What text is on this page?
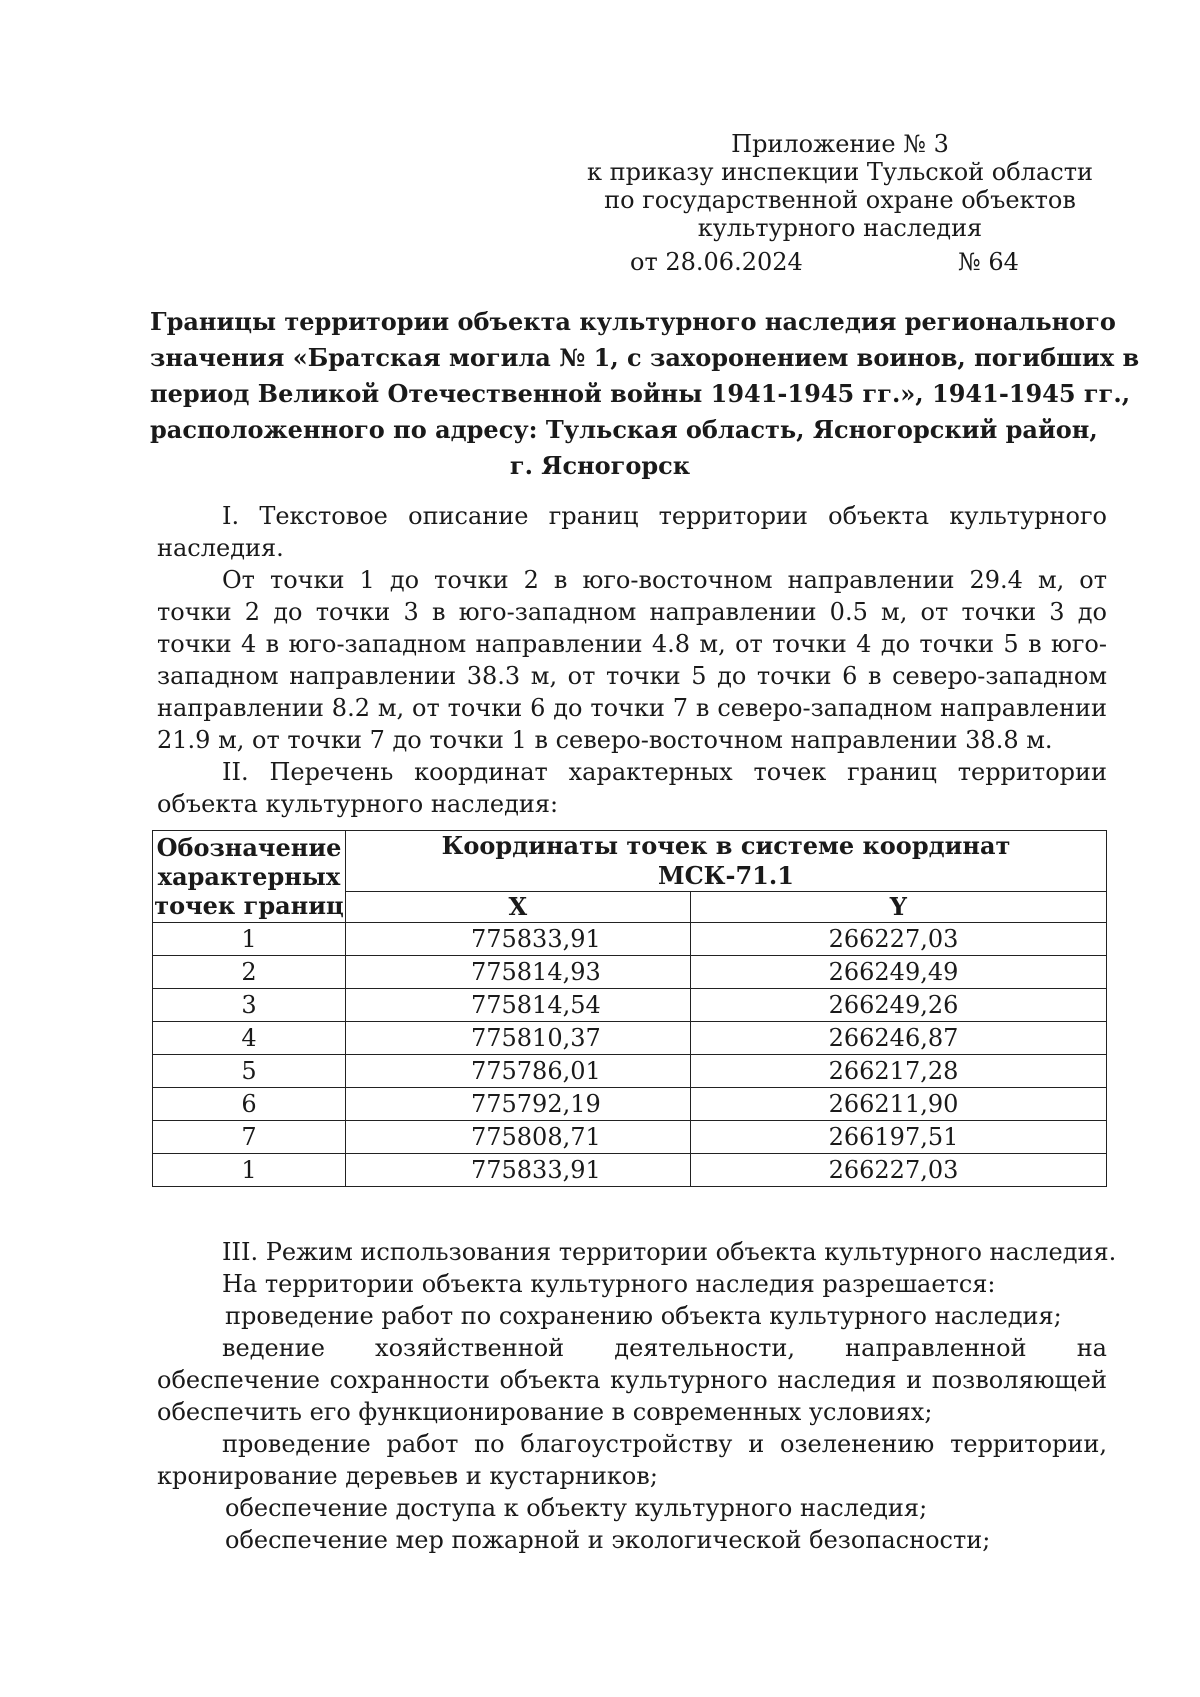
Приложение № 3
к приказу инспекции Тульской области
по государственной охране объектов
культурного наследия
от 28.06.2024	№ 64
Границы территории объекта культурного наследия регионального
значения «Братская могила № 1, с захоронением воинов, погибших в
период Великой Отечественной войны 1941-1945 гг.», 1941-1945 гг.,
расположенного по адресу: Тульская область, Ясногорский район,
г. Ясногорск

I. Текстовое описание границ территории объекта культурного наследия.

От точки 1 до точки 2 в юго-восточном направлении 29.4 м, от точки 2 до точки 3 в юго-западном направлении 0.5 м, от точки 3 до точки 4 в юго-западном направлении 4.8 м, от точки 4 до точки 5 в юго-западном направлении 38.3 м, от точки 5 до точки 6 в северо-западном направлении 8.2 м, от точки 6 до точки 7 в северо-западном направлении 21.9 м, от точки 7 до точки 1 в северо-восточном направлении 38.8 м.

II. Перечень координат характерных точек границ территории объекта культурного наследия:

Обозначение характерных точек границ	Координаты точек в системе координат
МСК-71.1	

	X	Y
1	775833,91	266227,03
2	775814,93	266249,49
3	775814,54	266249,26
4	775810,37	266246,87
5	775786,01	266217,28
6	775792,19	266211,90
7	775808,71	266197,51
1	775833,91	266227,03

III. Режим использования территории объекта культурного наследия.

На территории объекта культурного наследия разрешается:

проведение работ по сохранению объекта культурного наследия;

ведение хозяйственной деятельности, направленной на обеспечение сохранности объекта культурного наследия и позволяющей обеспечить его функционирование в современных условиях;

проведение работ по благоустройству и озеленению территории, кронирование деревьев и кустарников;

обеспечение доступа к объекту культурного наследия;

обеспечение мер пожарной и экологической безопасности;
